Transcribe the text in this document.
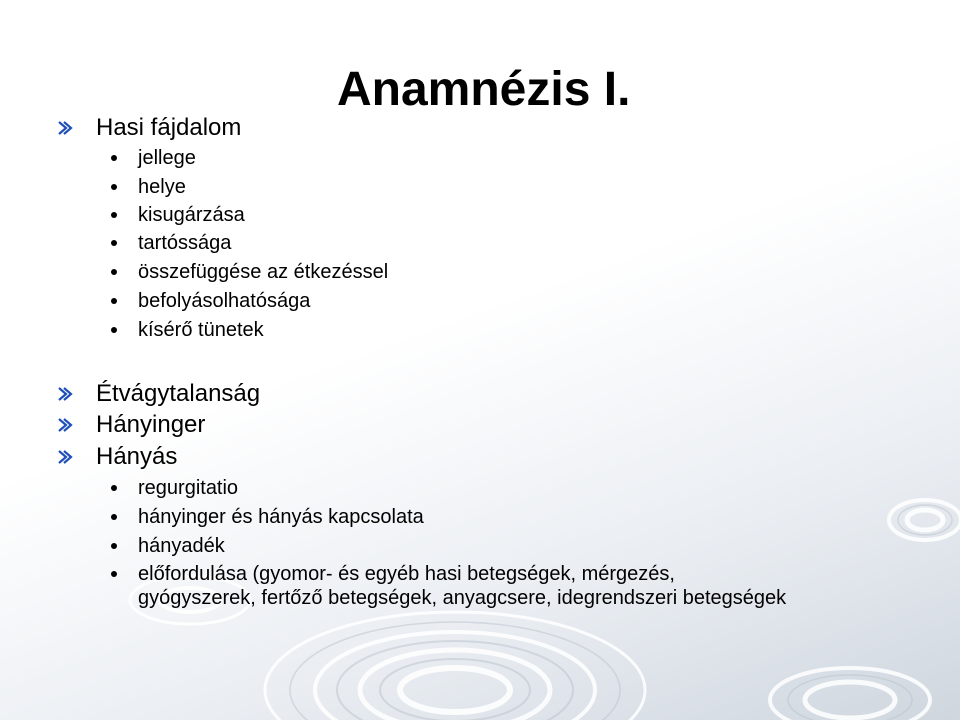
Anamnézis I.
Hasi fájdalom
jellege
helye
kisugárzása
tartóssága
összefüggése az étkezéssel
befolyásolhatósága
kísérő tünetek
Étvágytalanság
Hányinger
Hányás
regurgitatio
hányinger és hányás kapcsolata
hányadék
előfordulása (gyomor- és egyéb hasi betegségek, mérgezés,
gyógyszerek, fertőző betegségek, anyagcsere, idegrendszeri betegségek
